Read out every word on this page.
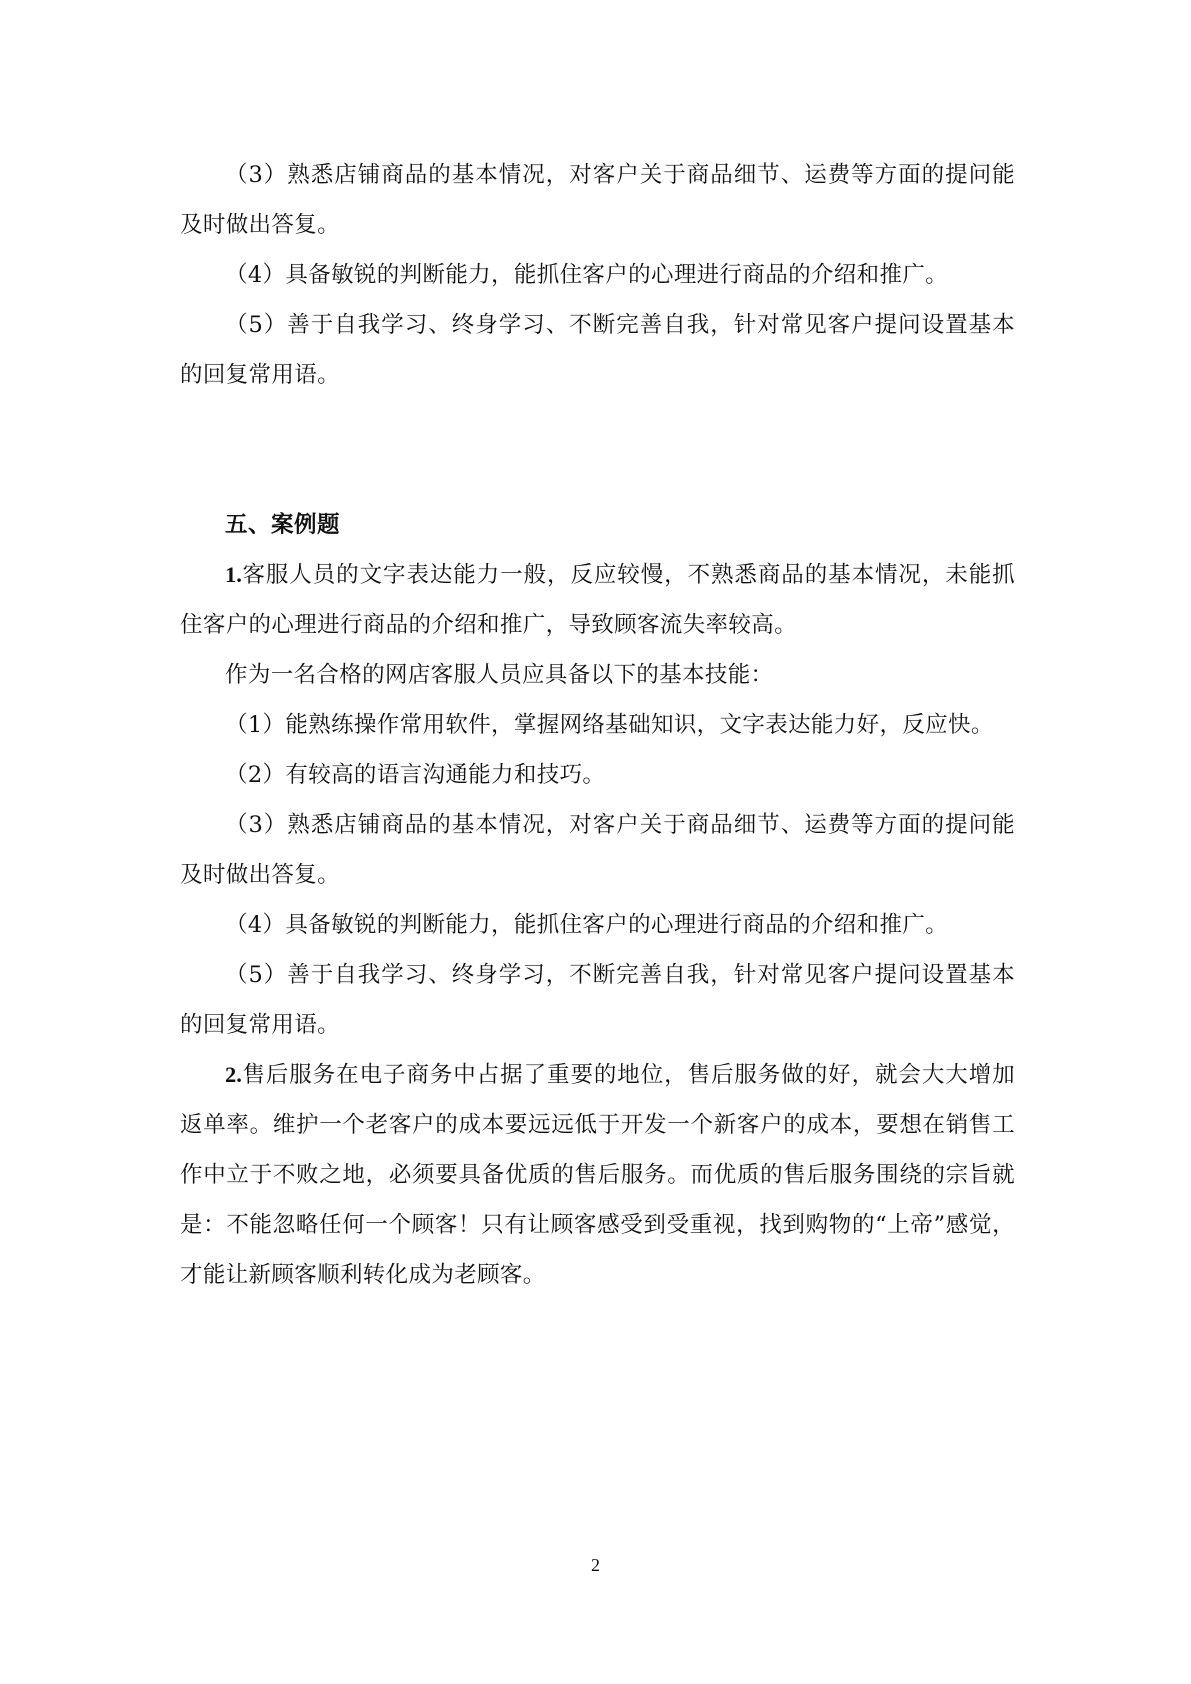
（3）熟悉店铺商品的基本情况，对客户关于商品细节、运费等方面的提问能及时做出答复。

（4）具备敏锐的判断能力，能抓住客户的心理进行商品的介绍和推广。

（5）善于自我学习、终身学习、不断完善自我，针对常见客户提问设置基本的回复常用语。

五、案例题

1.客服人员的文字表达能力一般，反应较慢，不熟悉商品的基本情况，未能抓住客户的心理进行商品的介绍和推广，导致顾客流失率较高。

作为一名合格的网店客服人员应具备以下的基本技能：

（1）能熟练操作常用软件，掌握网络基础知识，文字表达能力好，反应快。

（2）有较高的语言沟通能力和技巧。

（3）熟悉店铺商品的基本情况，对客户关于商品细节、运费等方面的提问能及时做出答复。

（4）具备敏锐的判断能力，能抓住客户的心理进行商品的介绍和推广。

（5）善于自我学习、终身学习，不断完善自我，针对常见客户提问设置基本的回复常用语。

2.售后服务在电子商务中占据了重要的地位，售后服务做的好，就会大大增加返单率。维护一个老客户的成本要远远低于开发一个新客户的成本，要想在销售工作中立于不败之地，必须要具备优质的售后服务。而优质的售后服务围绕的宗旨就是：不能忽略任何一个顾客！只有让顾客感受到受重视，找到购物的“上帝”感觉，才能让新顾客顺利转化成为老顾客。

2
